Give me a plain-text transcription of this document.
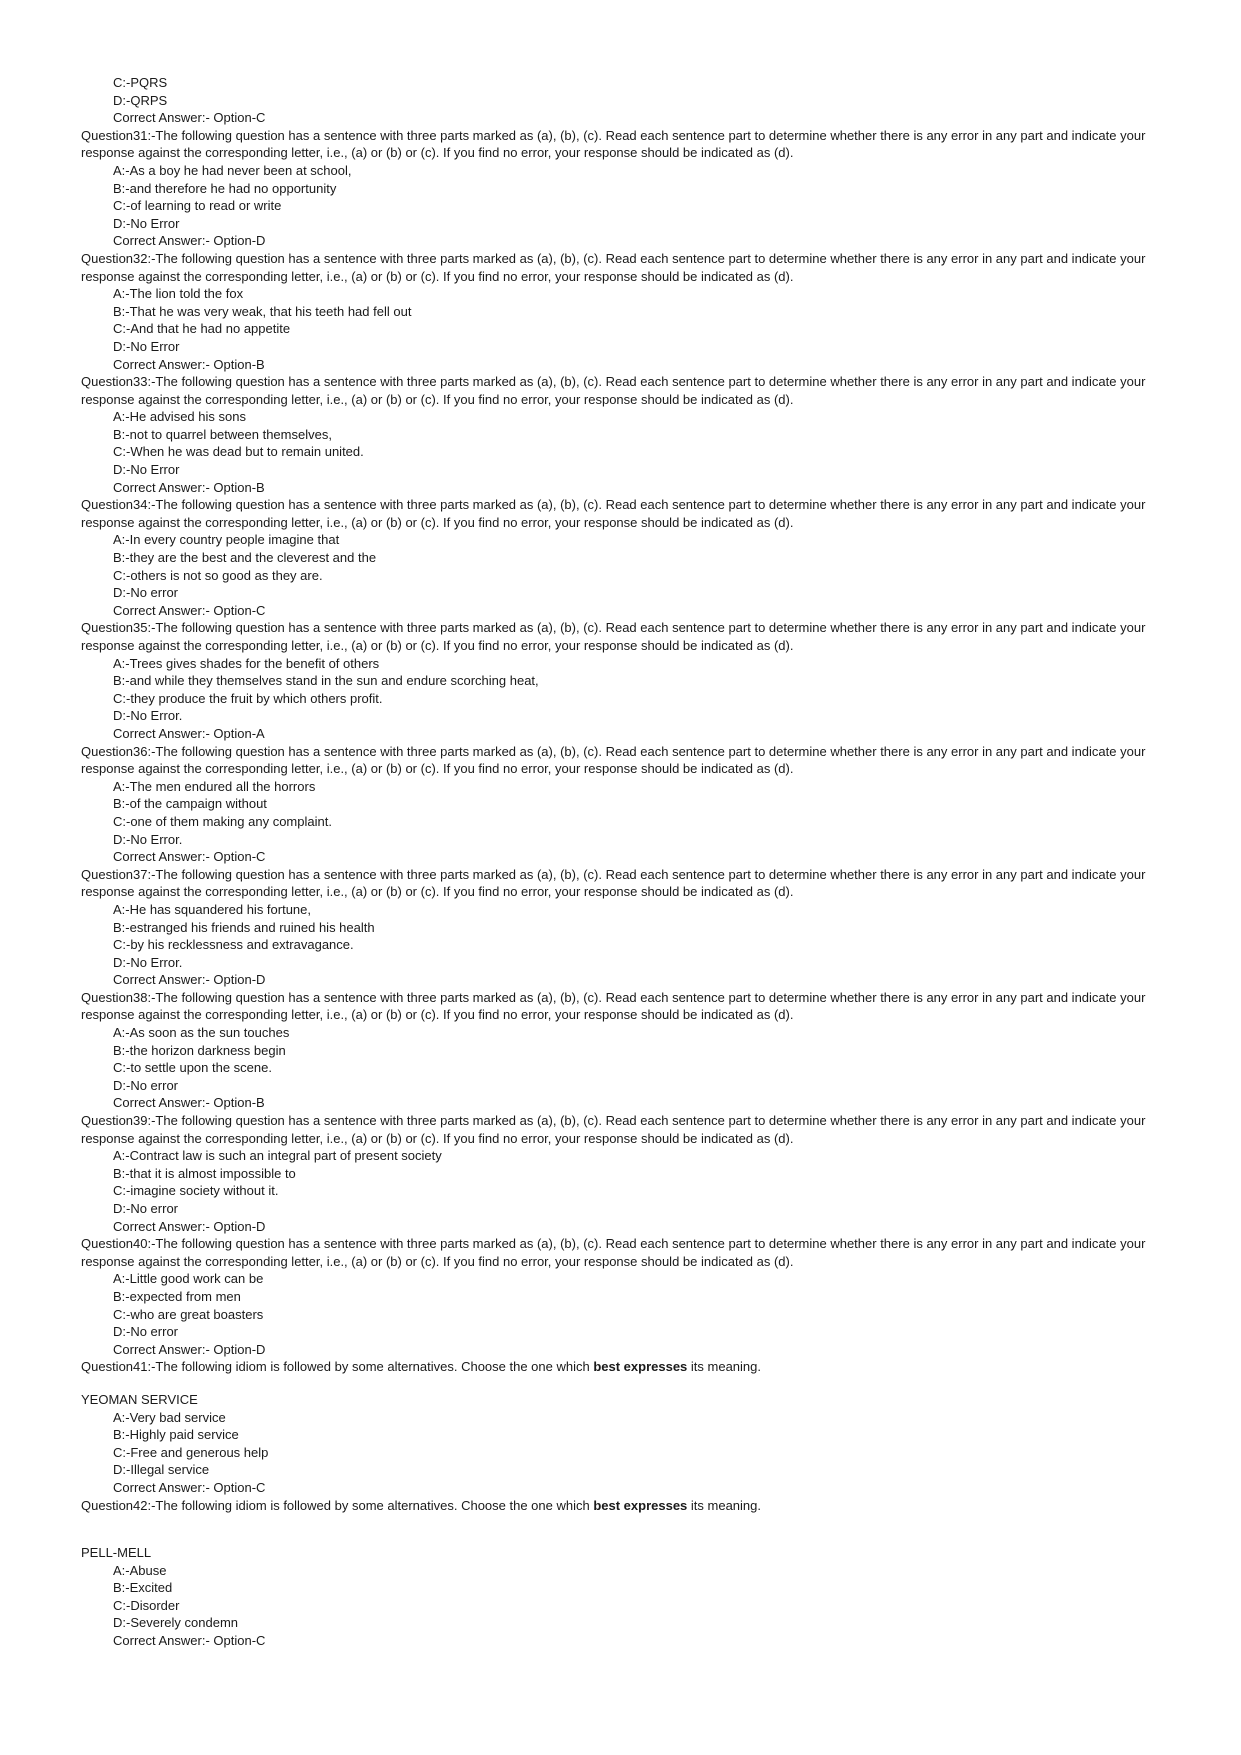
C:-PQRS
D:-QRPS
Correct Answer:- Option-C
Question31:-The following question has a sentence with three parts marked as (a), (b), (c). Read each sentence part to determine whether there is any error in any part and indicate your response against the corresponding letter, i.e., (a) or (b) or (c). If you find no error, your response should be indicated as (d).
A:-As a boy he had never been at school,
B:-and therefore he had no opportunity
C:-of learning to read or write
D:-No Error
Correct Answer:- Option-D
Question32:-The following question has a sentence with three parts marked as (a), (b), (c). Read each sentence part to determine whether there is any error in any part and indicate your response against the corresponding letter, i.e., (a) or (b) or (c). If you find no error, your response should be indicated as (d).
A:-The lion told the fox
B:-That he was very weak, that his teeth had fell out
C:-And that he had no appetite
D:-No Error
Correct Answer:- Option-B
Question33:-The following question has a sentence with three parts marked as (a), (b), (c). Read each sentence part to determine whether there is any error in any part and indicate your response against the corresponding letter, i.e., (a) or (b) or (c). If you find no error, your response should be indicated as (d).
A:-He advised his sons
B:-not to quarrel between themselves,
C:-When he was dead but to remain united.
D:-No Error
Correct Answer:- Option-B
Question34:-The following question has a sentence with three parts marked as (a), (b), (c). Read each sentence part to determine whether there is any error in any part and indicate your response against the corresponding letter, i.e., (a) or (b) or (c). If you find no error, your response should be indicated as (d).
A:-In every country people imagine that
B:-they are the best and the cleverest and the
C:-others is not so good as they are.
D:-No error
Correct Answer:- Option-C
Question35:-The following question has a sentence with three parts marked as (a), (b), (c). Read each sentence part to determine whether there is any error in any part and indicate your response against the corresponding letter, i.e., (a) or (b) or (c). If you find no error, your response should be indicated as (d).
A:-Trees gives shades for the benefit of others
B:-and while they themselves stand in the sun and endure scorching heat,
C:-they produce the fruit by which others profit.
D:-No Error.
Correct Answer:- Option-A
Question36:-The following question has a sentence with three parts marked as (a), (b), (c). Read each sentence part to determine whether there is any error in any part and indicate your response against the corresponding letter, i.e., (a) or (b) or (c). If you find no error, your response should be indicated as (d).
A:-The men endured all the horrors
B:-of the campaign without
C:-one of them making any complaint.
D:-No Error.
Correct Answer:- Option-C
Question37:-The following question has a sentence with three parts marked as (a), (b), (c). Read each sentence part to determine whether there is any error in any part and indicate your response against the corresponding letter, i.e., (a) or (b) or (c). If you find no error, your response should be indicated as (d).
A:-He has squandered his fortune,
B:-estranged his friends and ruined his health
C:-by his recklessness and extravagance.
D:-No Error.
Correct Answer:- Option-D
Question38:-The following question has a sentence with three parts marked as (a), (b), (c). Read each sentence part to determine whether there is any error in any part and indicate your response against the corresponding letter, i.e., (a) or (b) or (c). If you find no error, your response should be indicated as (d).
A:-As soon as the sun touches
B:-the horizon darkness begin
C:-to settle upon the scene.
D:-No error
Correct Answer:- Option-B
Question39:-The following question has a sentence with three parts marked as (a), (b), (c). Read each sentence part to determine whether there is any error in any part and indicate your response against the corresponding letter, i.e., (a) or (b) or (c). If you find no error, your response should be indicated as (d).
A:-Contract law is such an integral part of present society
B:-that it is almost impossible to
C:-imagine society without it.
D:-No error
Correct Answer:- Option-D
Question40:-The following question has a sentence with three parts marked as (a), (b), (c). Read each sentence part to determine whether there is any error in any part and indicate your response against the corresponding letter, i.e., (a) or (b) or (c). If you find no error, your response should be indicated as (d).
A:-Little good work can be
B:-expected from men
C:-who are great boasters
D:-No error
Correct Answer:- Option-D
Question41:-The following idiom is followed by some alternatives. Choose the one which best expresses its meaning.
YEOMAN SERVICE
A:-Very bad service
B:-Highly paid service
C:-Free and generous help
D:-Illegal service
Correct Answer:- Option-C
Question42:-The following idiom is followed by some alternatives. Choose the one which best expresses its meaning.
PELL-MELL
A:-Abuse
B:-Excited
C:-Disorder
D:-Severely condemn
Correct Answer:- Option-C
